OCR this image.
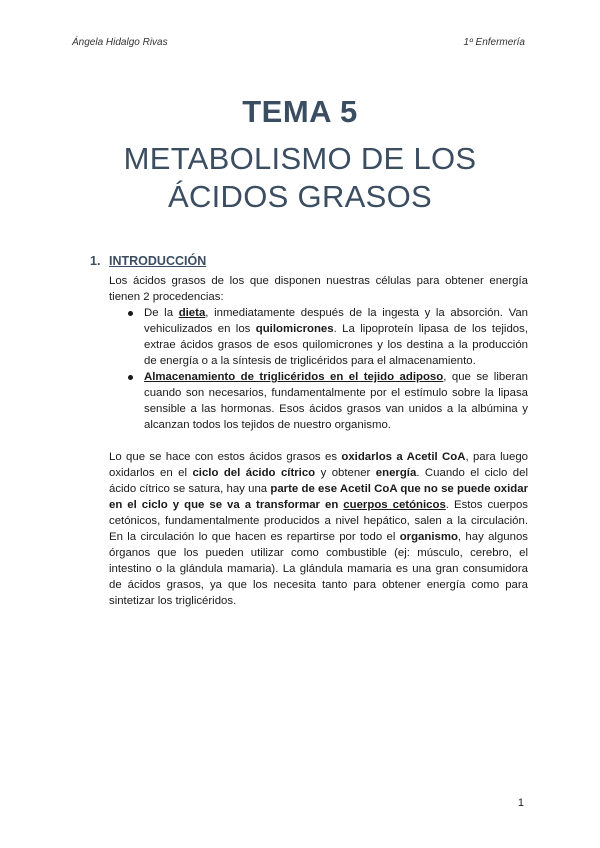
Ángela Hidalgo Rivas	1º Enfermería
TEMA 5
METABOLISMO DE LOS
ÁCIDOS GRASOS
1. INTRODUCCIÓN
Los ácidos grasos de los que disponen nuestras células para obtener energía tienen 2 procedencias:
De la dieta, inmediatamente después de la ingesta y la absorción. Van vehiculizados en los quilomicrones. La lipoproteín lipasa de los tejidos, extrae ácidos grasos de esos quilomicrones y los destina a la producción de energía o a la síntesis de triglicéridos para el almacenamiento.
Almacenamiento de triglicéridos en el tejido adiposo, que se liberan cuando son necesarios, fundamentalmente por el estímulo sobre la lipasa sensible a las hormonas. Esos ácidos grasos van unidos a la albúmina y alcanzan todos los tejidos de nuestro organismo.
Lo que se hace con estos ácidos grasos es oxidarlos a Acetil CoA, para luego oxidarlos en el ciclo del ácido cítrico y obtener energía. Cuando el ciclo del ácido cítrico se satura, hay una parte de ese Acetil CoA que no se puede oxidar en el ciclo y que se va a transformar en cuerpos cetónicos. Estos cuerpos cetónicos, fundamentalmente producidos a nivel hepático, salen a la circulación. En la circulación lo que hacen es repartirse por todo el organismo, hay algunos órganos que los pueden utilizar como combustible (ej: músculo, cerebro, el intestino o la glándula mamaria). La glándula mamaria es una gran consumidora de ácidos grasos, ya que los necesita tanto para obtener energía como para sintetizar los triglicéridos.
1
